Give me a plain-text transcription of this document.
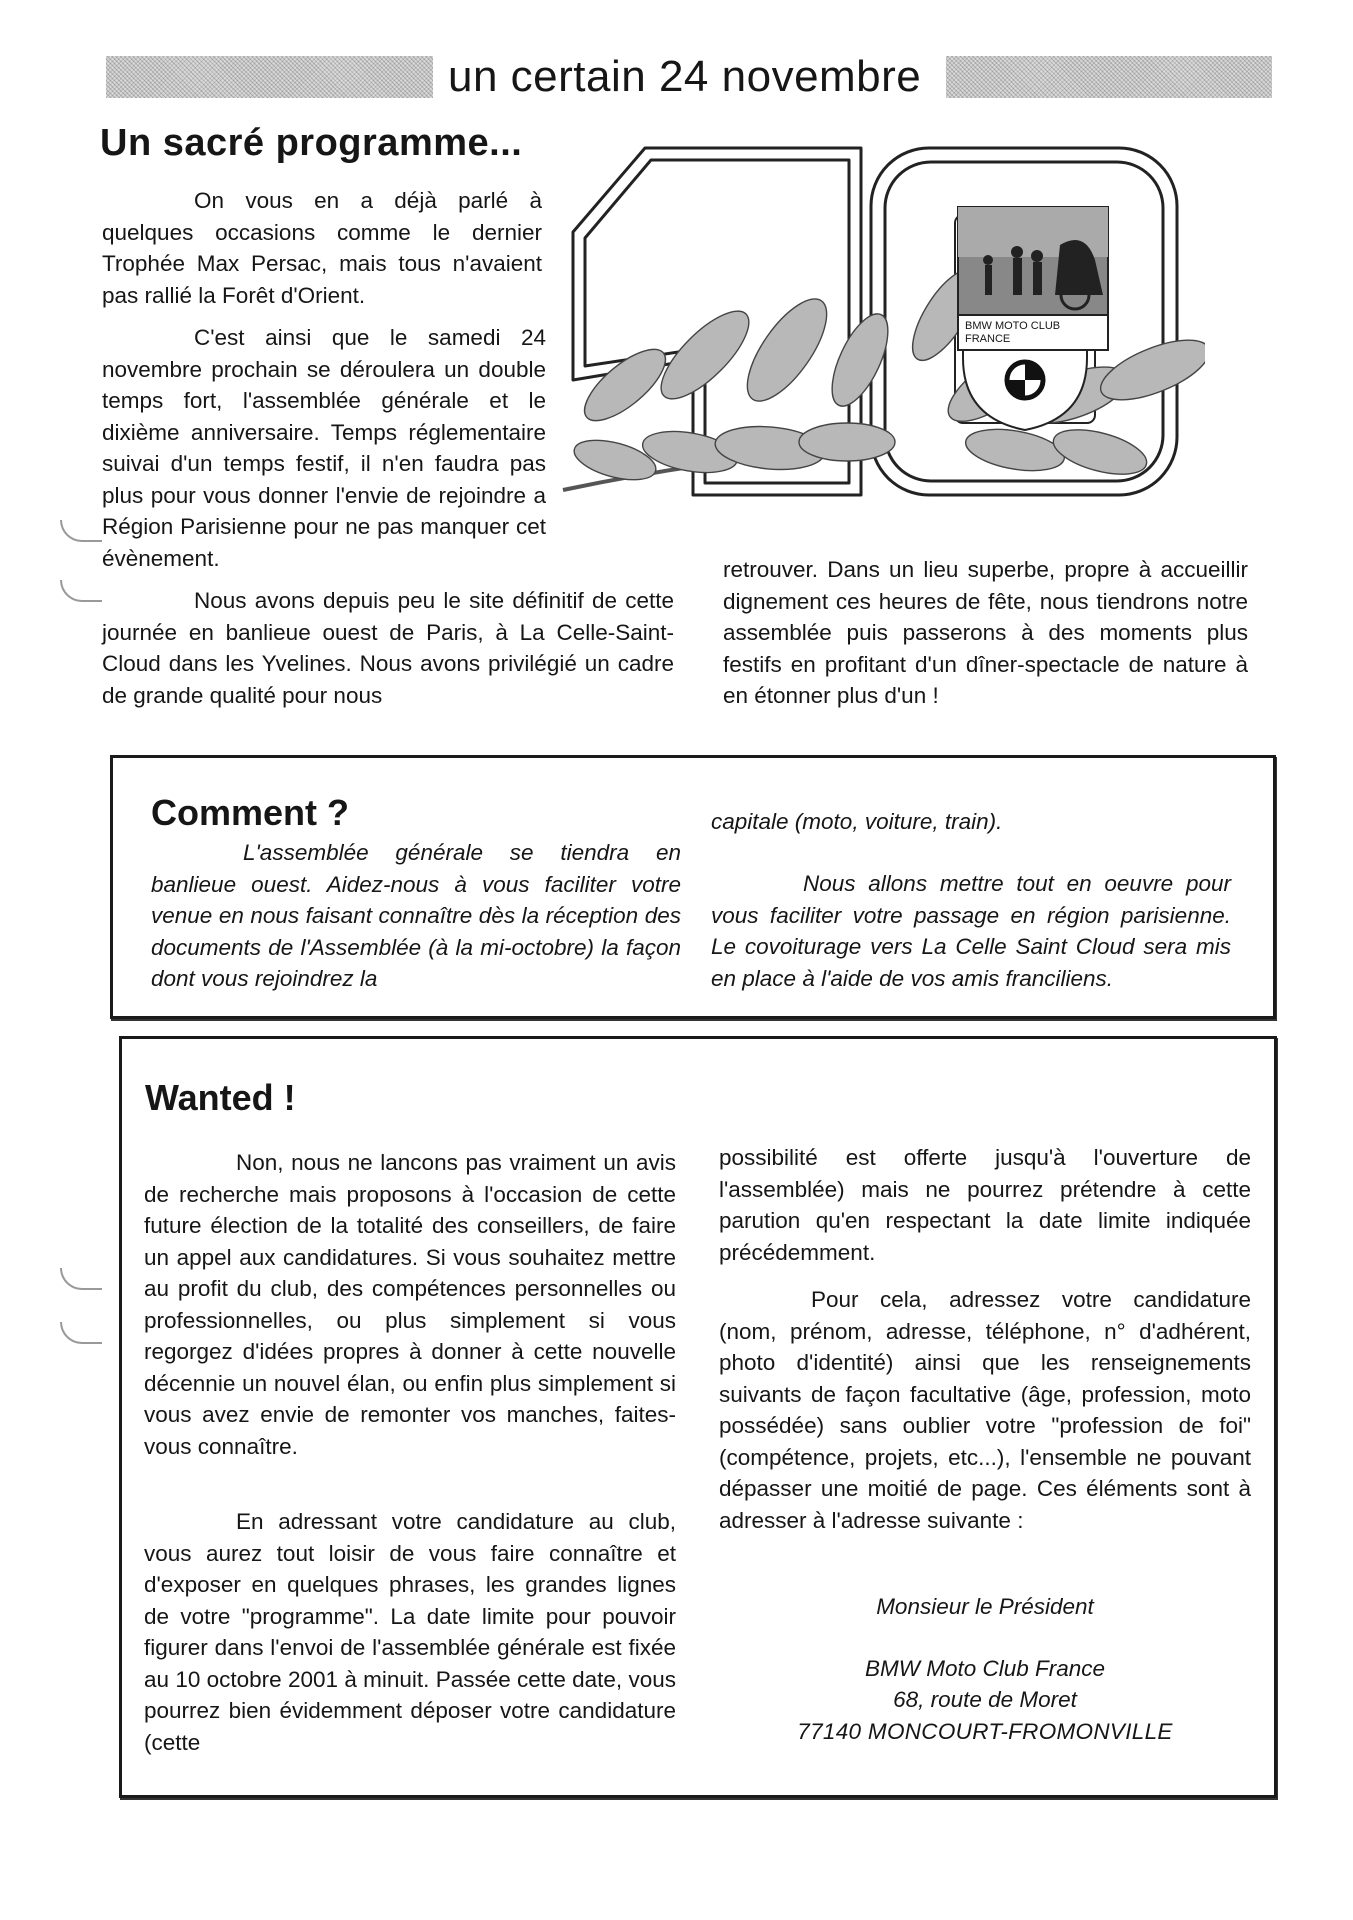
un certain 24 novembre
Un sacré programme...

On vous en a déjà parlé à quelques occasions comme le dernier Trophée Max Persac, mais tous n'avaient pas rallié la Forêt d'Orient.

C'est ainsi que le samedi 24 novembre prochain se déroulera un double temps fort, l'assemblée générale et le dixième anniversaire. Temps réglementaire suivai d'un temps festif, il n'en faudra pas plus pour vous donner l'envie de rejoindre a Région Parisienne pour ne pas manquer cet évènement.

Nous avons depuis peu le site définitif de cette journée en banlieue ouest de Paris, à La Celle-Saint-Cloud dans les Yvelines. Nous avons privilégié un cadre de grande qualité pour nous

retrouver. Dans un lieu superbe, propre à accueillir dignement ces heures de fête, nous tiendrons notre assemblée puis passerons à des moments plus festifs en profitant d'un dîner-spectacle de nature à en étonner plus d'un !

BMW MOTO CLUB FRANCE
Comment ?

L'assemblée générale se tiendra en banlieue ouest. Aidez-nous à vous faciliter votre venue en nous faisant connaître dès la réception des documents de l'Assemblée (à la mi-octobre) la façon dont vous rejoindrez la

capitale (moto, voiture, train).

Nous allons mettre tout en oeuvre pour vous faciliter votre passage en région parisienne. Le covoiturage vers La Celle Saint Cloud sera mis en place à l'aide de vos amis franciliens.

Wanted !

Non, nous ne lancons pas vraiment un avis de recherche mais proposons à l'occasion de cette future élection de la totalité des conseillers, de faire un appel aux candidatures. Si vous souhaitez mettre au profit du club, des compétences personnelles ou professionnelles, ou plus simplement si vous regorgez d'idées propres à donner à cette nouvelle décennie un nouvel élan, ou enfin plus simplement si vous avez envie de remonter vos manches, faites-vous connaître.

En adressant votre candidature au club, vous aurez tout loisir de vous faire connaître et d'exposer en quelques phrases, les grandes lignes de votre "programme". La date limite pour pouvoir figurer dans l'envoi de l'assemblée générale est fixée au 10 octobre 2001 à minuit. Passée cette date, vous pourrez bien évidemment déposer votre candidature (cette

possibilité est offerte jusqu'à l'ouverture de l'assemblée) mais ne pourrez prétendre à cette parution qu'en respectant la date limite indiquée précédemment.

Pour cela, adressez votre candidature (nom, prénom, adresse, téléphone, n° d'adhérent, photo d'identité) ainsi que les renseignements suivants de façon facultative (âge, profession, moto possédée) sans oublier votre "profession de foi" (compétence, projets, etc...), l'ensemble ne pouvant dépasser une moitié de page. Ces éléments sont à adresser à l'adresse suivante :

Monsieur le Président

BMW Moto Club France

68, route de Moret

77140 MONCOURT-FROMONVILLE
